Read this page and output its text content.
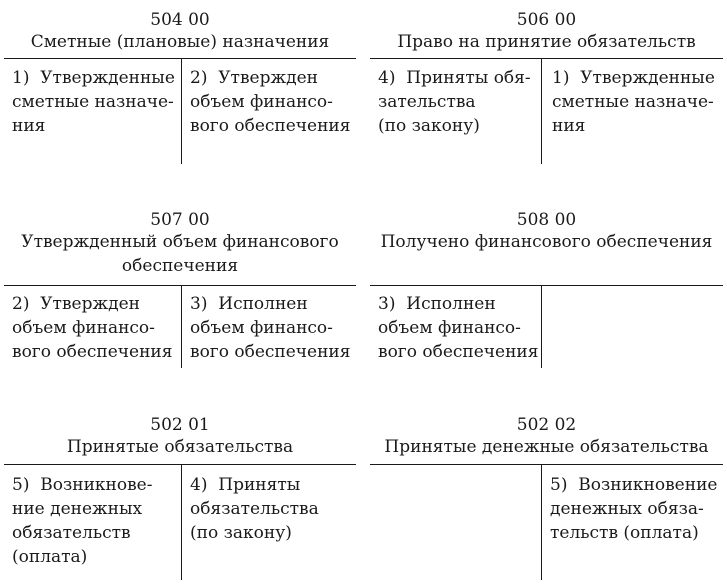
504 00
Сметные (плановые) назначения
1)  Утвержденные
сметные назначе-
ния
2)  Утвержден
объем финансо-
вого обеспечения
506 00
Право на принятие обязательств
4)  Приняты обя-
зательства
(по закону)
1)  Утвержденные
сметные назначе-
ния
507 00
Утвержденный объем финансового
обеспечения
2)  Утвержден
объем финансо-
вого обеспечения
3)  Исполнен
объем финансо-
вого обеспечения
508 00
Получено финансового обеспечения
3)  Исполнен
объем финансо-
вого обеспечения
502 01
Принятые обязательства
5)  Возникнове-
ние денежных
обязательств
(оплата)
4)  Приняты
обязательства
(по закону)
502 02
Принятые денежные обязательства
5)  Возникновение
денежных обяза-
тельств (оплата)
